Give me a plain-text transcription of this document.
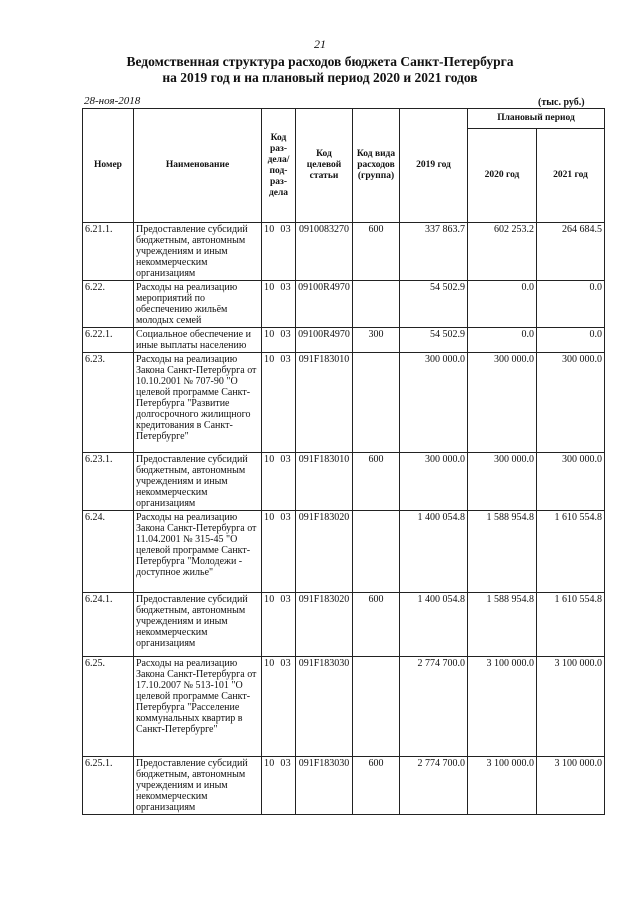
21
Ведомственная структура расходов бюджета Санкт-Петербурга
на 2019 год и на плановый период 2020 и 2021 годов
28-ноя-2018	(тыс. руб.)
Номер	Наименование	Код раз-дела/под-раз-дела	Код целевой статьи	Код вида расходов (группа)	2019 год	Плановый период	
						2020 год	2021 год
6.21.1.	Предоставление субсидий бюджетным, автономным учреждениям и иным некоммерческим организациям	10 03	0910083270	600	337 863.7	602 253.2	264 684.5
6.22.	Расходы на реализацию мероприятий по обеспечению жильём молодых семей	10 03	09100R4970		54 502.9	0.0	0.0
6.22.1.	Социальное обеспечение и иные выплаты населению	10 03	09100R4970	300	54 502.9	0.0	0.0
6.23.	Расходы на реализацию Закона Санкт-Петербурга от 10.10.2001 № 707-90 "О целевой программе Санкт-Петербурга "Развитие долгосрочного жилищного кредитования в Санкт-Петербурге"	10 03	091F183010		300 000.0	300 000.0	300 000.0
6.23.1.	Предоставление субсидий бюджетным, автономным учреждениям и иным некоммерческим организациям	10 03	091F183010	600	300 000.0	300 000.0	300 000.0
6.24.	Расходы на реализацию Закона Санкт-Петербурга от 11.04.2001 № 315-45 "О целевой программе Санкт-Петербурга "Молодежи - доступное жилье"	10 03	091F183020		1 400 054.8	1 588 954.8	1 610 554.8
6.24.1.	Предоставление субсидий бюджетным, автономным учреждениям и иным некоммерческим организациям	10 03	091F183020	600	1 400 054.8	1 588 954.8	1 610 554.8
6.25.	Расходы на реализацию Закона Санкт-Петербурга от 17.10.2007 № 513-101 "О целевой программе Санкт-Петербурга "Расселение коммунальных квартир в Санкт-Петербурге"	10 03	091F183030		2 774 700.0	3 100 000.0	3 100 000.0
6.25.1.	Предоставление субсидий бюджетным, автономным учреждениям и иным некоммерческим организациям	10 03	091F183030	600	2 774 700.0	3 100 000.0	3 100 000.0
